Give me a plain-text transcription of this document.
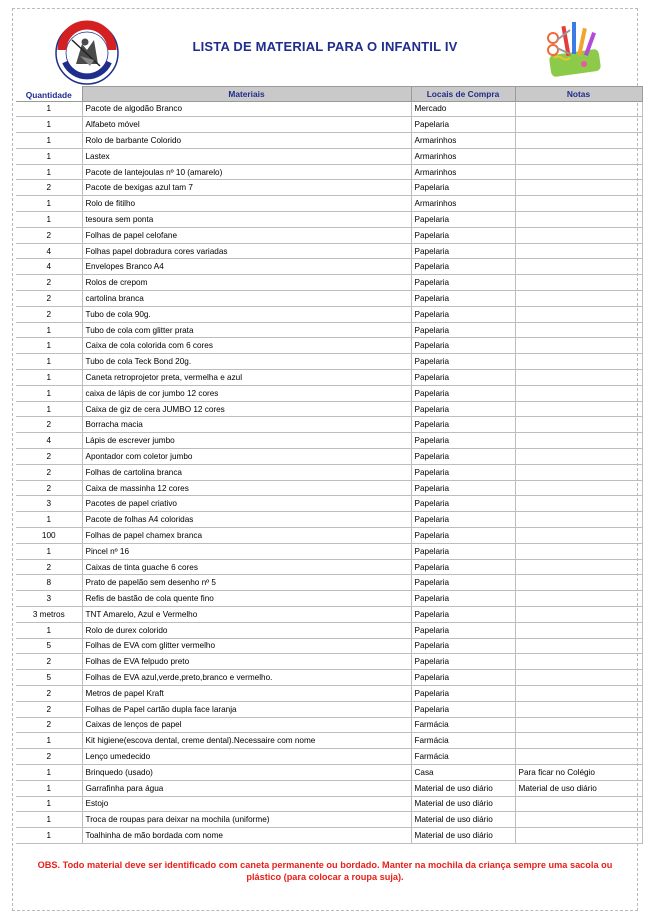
LISTA DE MATERIAL PARA O INFANTIL IV
Quantidade	Materiais	Locais de Compra	Notas
1	Pacote de algodão Branco	Mercado	
1	Alfabeto móvel	Papelaria	
1	Rolo de barbante Colorido	Armarinhos	
1	Lastex	Armarinhos	
1	Pacote de lantejoulas nº 10 (amarelo)	Armarinhos	
2	Pacote de bexigas azul tam 7	Papelaria	
1	Rolo de fitilho	Armarinhos	
1	tesoura sem ponta	Papelaria	
2	Folhas de papel celofane	Papelaria	
4	Folhas papel dobradura cores variadas	Papelaria	
4	Envelopes Branco A4	Papelaria	
2	Rolos de crepom	Papelaria	
2	cartolina branca	Papelaria	
2	Tubo de cola 90g.	Papelaria	
1	Tubo de cola com glitter prata	Papelaria	
1	Caixa de cola colorida com 6 cores	Papelaria	
1	Tubo de cola Teck Bond 20g.	Papelaria	
1	Caneta retroprojetor preta, vermelha e azul	Papelaria	
1	caixa de lápis de cor jumbo 12 cores	Papelaria	
1	Caixa de giz de cera JUMBO 12 cores	Papelaria	
2	Borracha macia	Papelaria	
4	Lápis de escrever jumbo	Papelaria	
2	Apontador com coletor jumbo	Papelaria	
2	Folhas de cartolina branca	Papelaria	
2	Caixa de massinha 12 cores	Papelaria	
3	Pacotes de papel criativo	Papelaria	
1	Pacote de folhas A4 coloridas	Papelaria	
100	Folhas de papel chamex branca	Papelaria	
1	Pincel nº 16	Papelaria	
2	Caixas de tinta guache 6 cores	Papelaria	
8	Prato de papelão sem desenho nº 5	Papelaria	
3	Refis de bastão de cola quente fino	Papelaria	
3 metros	TNT Amarelo, Azul e Vermelho	Papelaria	
1	Rolo de durex colorido	Papelaria	
5	Folhas de EVA com glitter vermelho	Papelaria	
2	Folhas de EVA felpudo preto	Papelaria	
5	Folhas de EVA azul,verde,preto,branco e vermelho.	Papelaria	
2	Metros de papel Kraft	Papelaria	
2	Folhas de Papel cartão dupla face laranja	Papelaria	
2	Caixas de lenços de papel	Farmácia	
1	Kit higiene(escova dental, creme dental).Necessaire com nome	Farmácia	
2	Lenço umedecido	Farmácia	
1	Brinquedo (usado)	Casa	Para ficar no Colégio
1	Garrafinha para água	Material de uso diário	Material de uso diário
1	Estojo	Material de uso diário	
1	Troca de roupas para deixar na mochila (uniforme)	Material de uso diário	
1	Toalhinha de mão bordada com nome	Material de uso diário	
OBS. Todo material deve ser identificado com caneta permanente ou bordado. Manter na mochila da criança sempre uma sacola ou plástico (para colocar a roupa suja).
